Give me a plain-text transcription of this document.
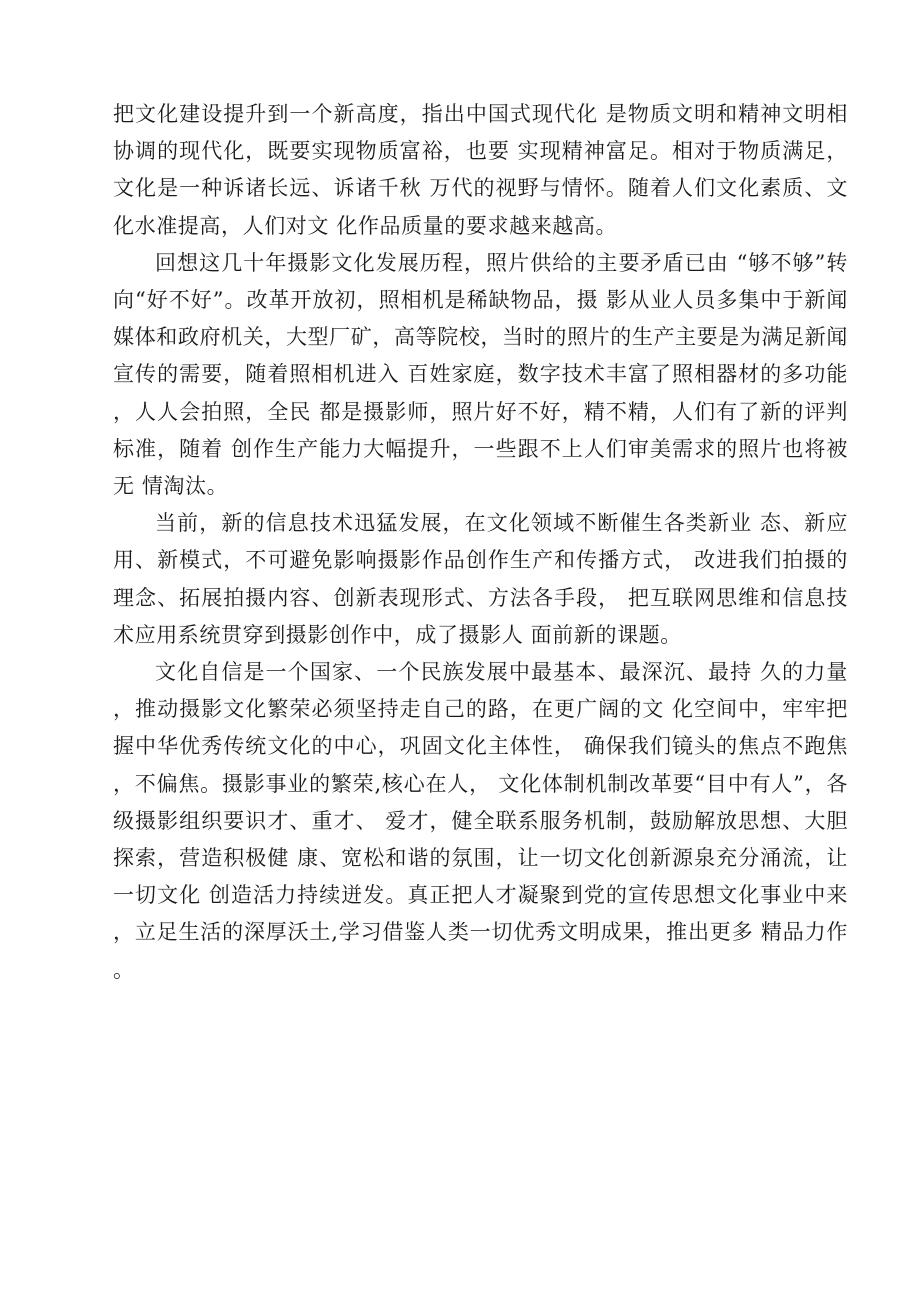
把文化建设提升到一个新高度，指出中国式现代化 是物质文明和精神文明相协调的现代化，既要实现物质富裕，也要 实现精神富足。相对于物质满足，文化是一种诉诸长远、诉诸千秋 万代的视野与情怀。随着人们文化素质、文化水准提高，人们对文 化作品质量的要求越来越高。

回想这几十年摄影文化发展历程，照片供给的主要矛盾已由 “够不够”转向“好不好”。改革开放初，照相机是稀缺物品，摄 影从业人员多集中于新闻媒体和政府机关，大型厂矿，高等院校，当时的照片的生产主要是为满足新闻宣传的需要，随着照相机进入 百姓家庭，数字技术丰富了照相器材的多功能，人人会拍照，全民 都是摄影师，照片好不好，精不精，人们有了新的评判标准，随着 创作生产能力大幅提升，一些跟不上人们审美需求的照片也将被无 情淘汰。

当前，新的信息技术迅猛发展，在文化领域不断催生各类新业 态、新应用、新模式，不可避免影响摄影作品创作生产和传播方式， 改进我们拍摄的理念、拓展拍摄内容、创新表现形式、方法各手段， 把互联网思维和信息技术应用系统贯穿到摄影创作中，成了摄影人 面前新的课题。

文化自信是一个国家、一个民族发展中最基本、最深沉、最持 久的力量，推动摄影文化繁荣必须坚持走自己的路，在更广阔的文 化空间中，牢牢把握中华优秀传统文化的中心，巩固文化主体性， 确保我们镜头的焦点不跑焦，不偏焦。摄影事业的繁荣,核心在人， 文化体制机制改革要“目中有人”，各级摄影组织要识才、重才、 爱才，健全联系服务机制，鼓励解放思想、大胆探索，营造积极健 康、宽松和谐的氛围，让一切文化创新源泉充分涌流，让一切文化 创造活力持续迸发。真正把人才凝聚到党的宣传思想文化事业中来，立足生活的深厚沃土,学习借鉴人类一切优秀文明成果，推出更多 精品力作。
